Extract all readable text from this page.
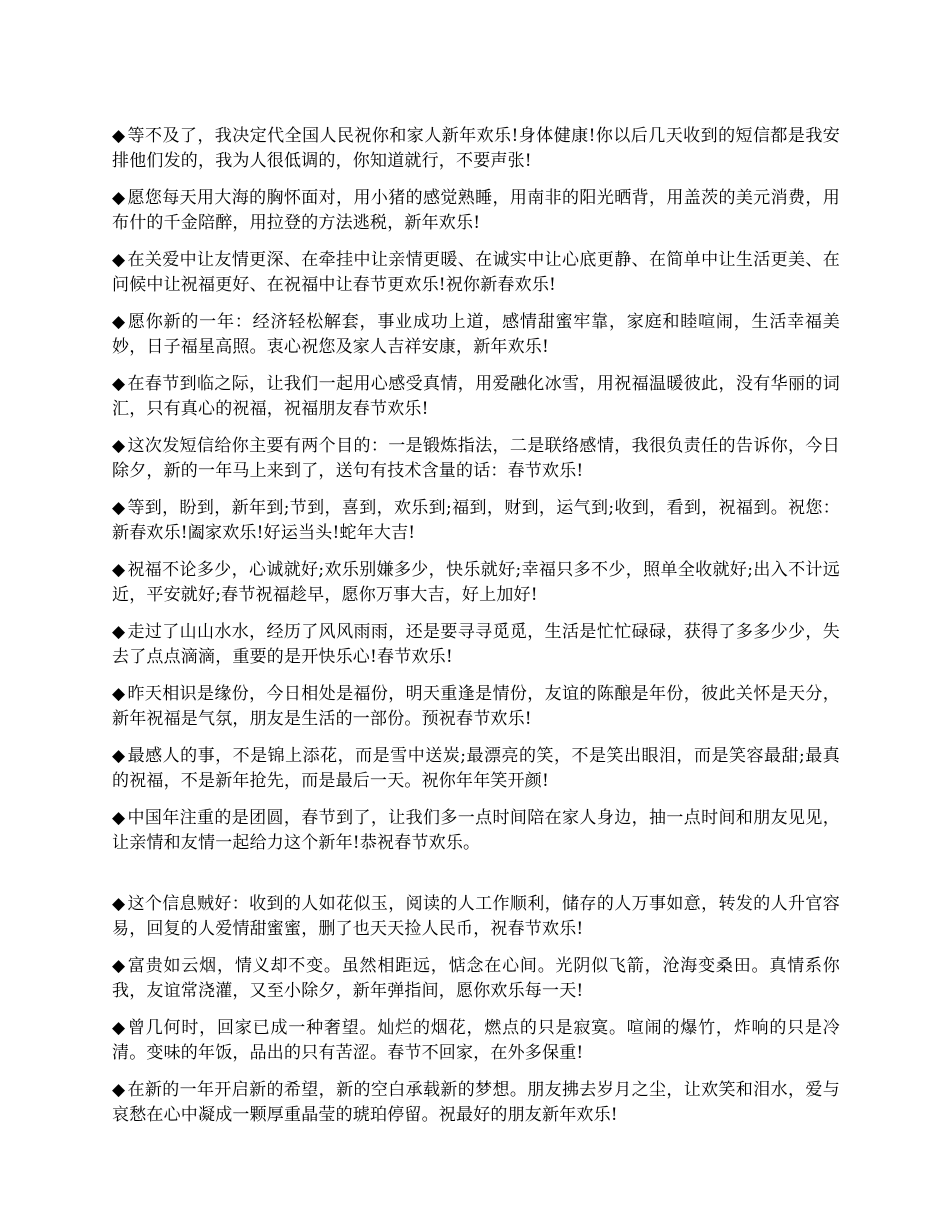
◆ 等不及了，我决定代全国人民祝你和家人新年欢乐!身体健康!你以后几天收到的短信都是我安排他们发的，我为人很低调的，你知道就行，不要声张!

◆ 愿您每天用大海的胸怀面对，用小猪的感觉熟睡，用南非的阳光晒背，用盖茨的美元消费，用布什的千金陪醉，用拉登的方法逃税，新年欢乐!

◆ 在关爱中让友情更深、在牵挂中让亲情更暖、在诚实中让心底更静、在简单中让生活更美、在问候中让祝福更好、在祝福中让春节更欢乐!祝你新春欢乐!

◆ 愿你新的一年：经济轻松解套，事业成功上道，感情甜蜜牢靠，家庭和睦喧闹，生活幸福美妙，日子福星高照。衷心祝您及家人吉祥安康，新年欢乐!

◆ 在春节到临之际，让我们一起用心感受真情，用爱融化冰雪，用祝福温暖彼此，没有华丽的词汇，只有真心的祝福，祝福朋友春节欢乐!

◆ 这次发短信给你主要有两个目的：一是锻炼指法，二是联络感情，我很负责任的告诉你，今日除夕，新的一年马上来到了，送句有技术含量的话：春节欢乐!

◆ 等到，盼到，新年到;节到，喜到，欢乐到;福到，财到，运气到;收到，看到，祝福到。祝您：新春欢乐!阖家欢乐!好运当头!蛇年大吉!

◆ 祝福不论多少，心诚就好;欢乐别嫌多少，快乐就好;幸福只多不少，照单全收就好;出入不计远近，平安就好;春节祝福趁早，愿你万事大吉，好上加好!

◆ 走过了山山水水，经历了风风雨雨，还是要寻寻觅觅，生活是忙忙碌碌，获得了多多少少，失去了点点滴滴，重要的是开快乐心!春节欢乐!

◆ 昨天相识是缘份，今日相处是福份，明天重逢是情份，友谊的陈酿是年份，彼此关怀是天分，新年祝福是气氛，朋友是生活的一部份。预祝春节欢乐!

◆ 最感人的事，不是锦上添花，而是雪中送炭;最漂亮的笑，不是笑出眼泪，而是笑容最甜;最真的祝福，不是新年抢先，而是最后一天。祝你年年笑开颜!

◆ 中国年注重的是团圆，春节到了，让我们多一点时间陪在家人身边，抽一点时间和朋友见见，让亲情和友情一起给力这个新年!恭祝春节欢乐。

◆ 这个信息贼好：收到的人如花似玉，阅读的人工作顺利，储存的人万事如意，转发的人升官容易，回复的人爱情甜蜜蜜，删了也天天捡人民币，祝春节欢乐!

◆ 富贵如云烟，情义却不变。虽然相距远，惦念在心间。光阴似飞箭，沧海变桑田。真情系你我，友谊常浇灌，又至小除夕，新年弹指间，愿你欢乐每一天!

◆ 曾几何时，回家已成一种奢望。灿烂的烟花，燃点的只是寂寞。喧闹的爆竹，炸响的只是冷清。变味的年饭，品出的只有苦涩。春节不回家，在外多保重!

◆ 在新的一年开启新的希望，新的空白承载新的梦想。朋友拂去岁月之尘，让欢笑和泪水，爱与哀愁在心中凝成一颗厚重晶莹的琥珀停留。祝最好的朋友新年欢乐!
